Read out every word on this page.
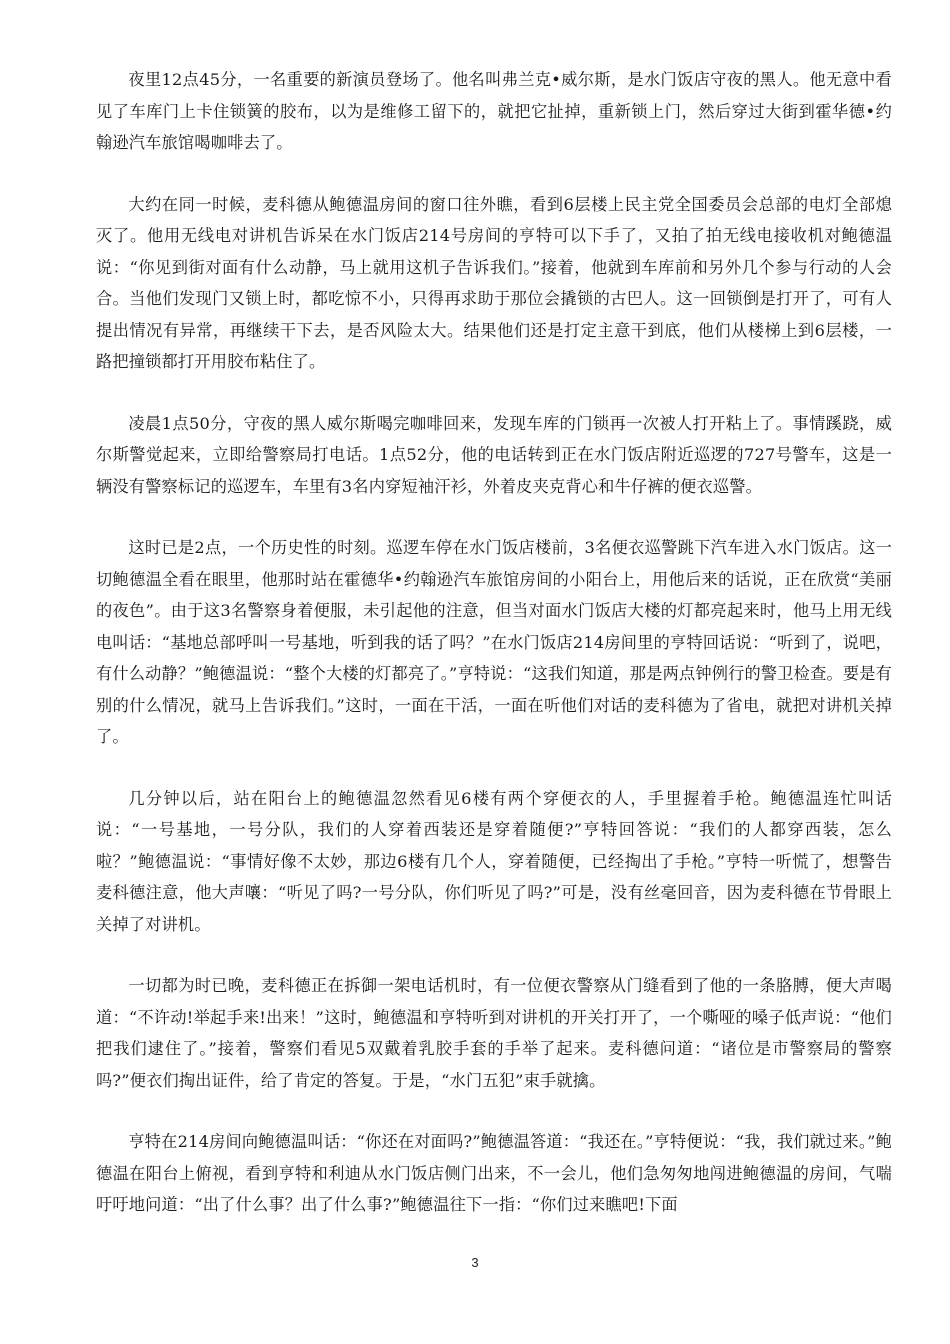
夜里12点45分，一名重要的新演员登场了。他名叫弗兰克•威尔斯，是水门饭店守夜的黑人。他无意中看见了车库门上卡住锁簧的胶布，以为是维修工留下的，就把它扯掉，重新锁上门，然后穿过大街到霍华德•约翰逊汽车旅馆喝咖啡去了。

大约在同一时候，麦科德从鲍德温房间的窗口往外瞧，看到6层楼上民主党全国委员会总部的电灯全部熄灭了。他用无线电对讲机告诉呆在水门饭店214号房间的亨特可以下手了，又拍了拍无线电接收机对鲍德温说：“你见到街对面有什么动静，马上就用这机子告诉我们。”接着，他就到车库前和另外几个参与行动的人会合。当他们发现门又锁上时，都吃惊不小，只得再求助于那位会撬锁的古巴人。这一回锁倒是打开了，可有人提出情况有异常，再继续干下去，是否风险太大。结果他们还是打定主意干到底，他们从楼梯上到6层楼，一路把撞锁都打开用胶布粘住了。

凌晨1点50分，守夜的黑人威尔斯喝完咖啡回来，发现车库的门锁再一次被人打开粘上了。事情蹊跷，威尔斯警觉起来，立即给警察局打电话。1点52分，他的电话转到正在水门饭店附近巡逻的727号警车，这是一辆没有警察标记的巡逻车，车里有3名内穿短袖汗衫，外着皮夹克背心和牛仔裤的便衣巡警。

这时已是2点，一个历史性的时刻。巡逻车停在水门饭店楼前，3名便衣巡警跳下汽车进入水门饭店。这一切鲍德温全看在眼里，他那时站在霍德华•约翰逊汽车旅馆房间的小阳台上，用他后来的话说，正在欣赏“美丽的夜色”。由于这3名警察身着便服，未引起他的注意，但当对面水门饭店大楼的灯都亮起来时，他马上用无线电叫话：“基地总部呼叫一号基地，听到我的话了吗？”在水门饭店214房间里的亨特回话说：“听到了，说吧，有什么动静？”鲍德温说：“整个大楼的灯都亮了。”亨特说：“这我们知道，那是两点钟例行的警卫检查。要是有别的什么情况，就马上告诉我们。”这时，一面在干活，一面在听他们对话的麦科德为了省电，就把对讲机关掉了。

几分钟以后，站在阳台上的鲍德温忽然看见6楼有两个穿便衣的人，手里握着手枪。鲍德温连忙叫话说：“一号基地，一号分队，我们的人穿着西装还是穿着随便?”亨特回答说：“我们的人都穿西装，怎么啦？”鲍德温说：“事情好像不太妙，那边6楼有几个人，穿着随便，已经掏出了手枪。”亨特一听慌了，想警告麦科德注意，他大声嚷：“听见了吗?一号分队，你们听见了吗?”可是，没有丝毫回音，因为麦科德在节骨眼上关掉了对讲机。

一切都为时已晚，麦科德正在拆御一架电话机时，有一位便衣警察从门缝看到了他的一条胳膊，便大声喝道：“不许动!举起手来!出来！”这时，鲍德温和亨特听到对讲机的开关打开了，一个嘶哑的嗓子低声说：“他们把我们逮住了。”接着，警察们看见5双戴着乳胶手套的手举了起来。麦科德问道：“诸位是市警察局的警察吗?”便衣们掏出证件，给了肯定的答复。于是，“水门五犯”束手就擒。

亨特在214房间向鲍德温叫话：“你还在对面吗?”鲍德温答道：“我还在。”亨特便说：“我，我们就过来。”鲍德温在阳台上俯视，看到亨特和利迪从水门饭店侧门出来，不一会儿，他们急匆匆地闯进鲍德温的房间，气喘吁吁地问道：“出了什么事？出了什么事?”鲍德温往下一指：“你们过来瞧吧!下面

3
